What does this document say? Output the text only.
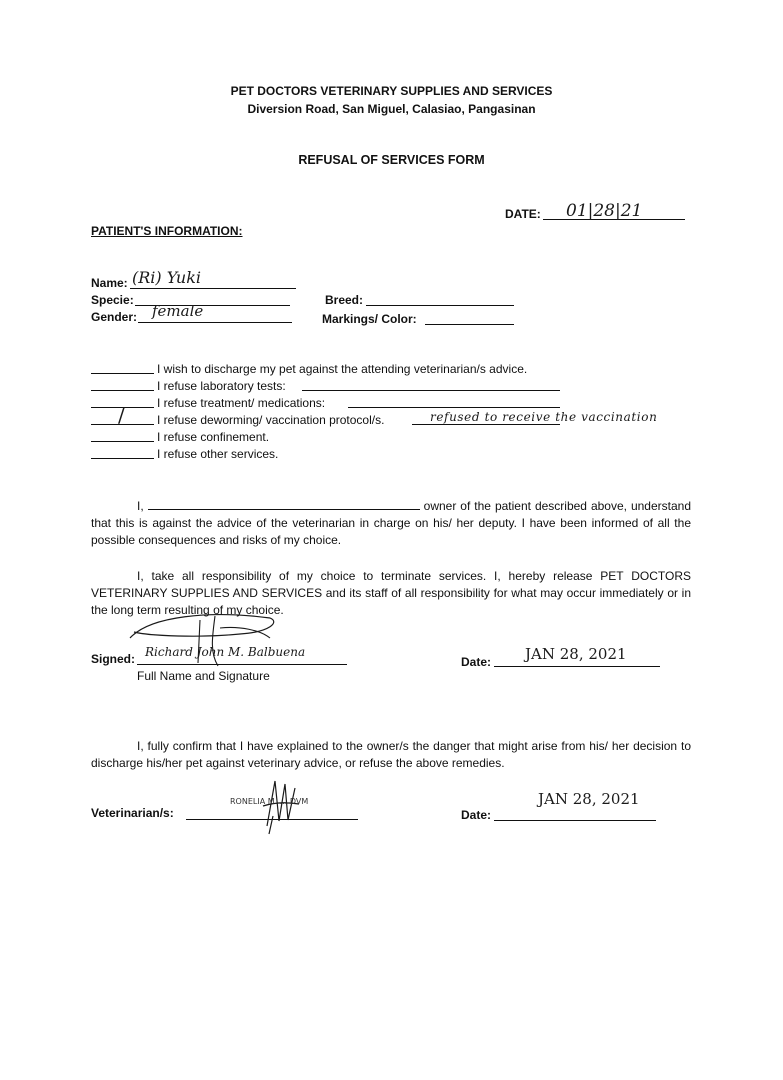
PET DOCTORS VETERINARY SUPPLIES AND SERVICES
Diversion Road, San Miguel, Calasiao, Pangasinan
REFUSAL OF SERVICES FORM
DATE: 01|28|21
PATIENT'S INFORMATION:
Name: (Ri) Yuki
Specie:	Breed:
Gender: female	Markings/ Color:
I wish to discharge my pet against the attending veterinarian/s advice.
I refuse laboratory tests:
I refuse treatment/ medications:
/	I refuse deworming/ vaccination protocol/s.	refused to receive the vaccination
I refuse confinement.
I refuse other services.
I,	owner of the patient described above, understand that this is against the advice of the veterinarian in charge on his/ her deputy. I have been informed of all the possible consequences and risks of my choice.
I, take all responsibility of my choice to terminate services. I, hereby release PET DOCTORS VETERINARY SUPPLIES AND SERVICES and its staff of all responsibility for what may occur immediately or in the long term resulting of my choice.
Signed: Richard John M. Balbuena
Full Name and Signature
Date: JAN 28, 2021
I, fully confirm that I have explained to the owner/s the danger that might arise from his/ her decision to discharge his/her pet against veterinary advice, or refuse the above remedies.
Veterinarian/s:
RONELIA M. ... DVM
Date:
JAN 28, 2021
